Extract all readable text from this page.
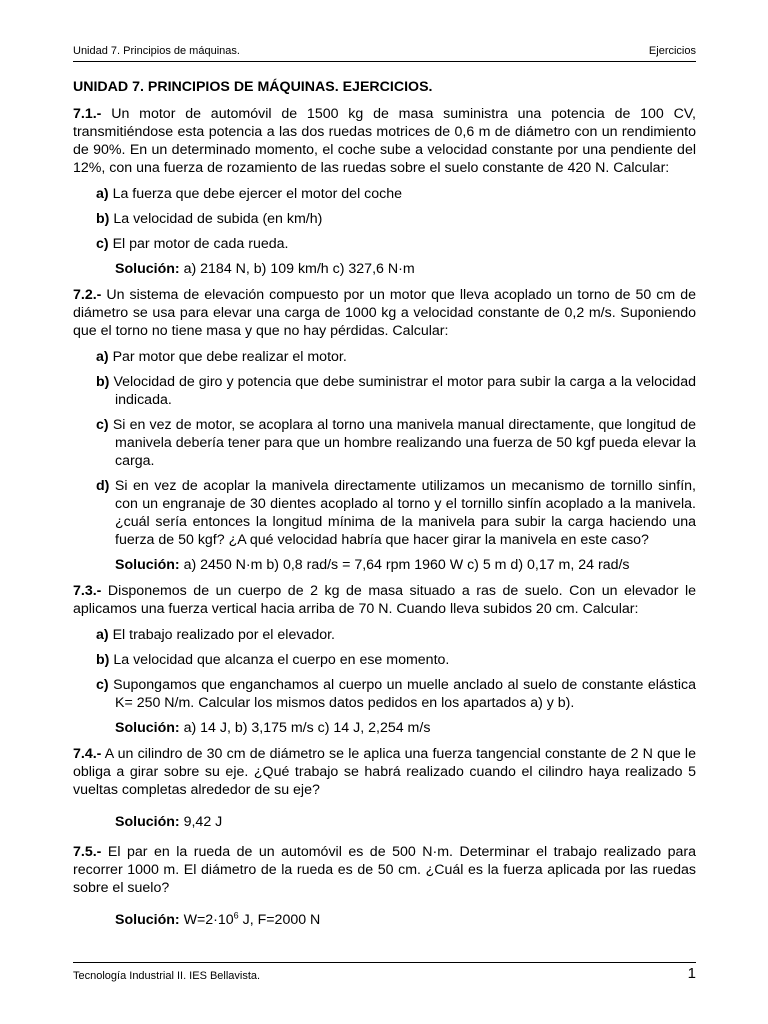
Unidad 7. Principios de máquinas.	Ejercicios
UNIDAD 7. PRINCIPIOS DE MÁQUINAS. EJERCICIOS.
7.1.- Un motor de automóvil de 1500 kg de masa suministra una potencia de 100 CV, transmitiéndose esta potencia a las dos ruedas motrices de 0,6 m de diámetro con un rendimiento de 90%. En un determinado momento, el coche sube a velocidad constante por una pendiente del 12%, con una fuerza de rozamiento de las ruedas sobre el suelo constante de 420 N. Calcular:
a) La fuerza que debe ejercer el motor del coche
b) La velocidad de subida (en km/h)
c) El par motor de cada rueda.
Solución: a) 2184 N, b) 109 km/h c) 327,6 N·m
7.2.- Un sistema de elevación compuesto por un motor que lleva acoplado un torno de 50 cm de diámetro se usa para elevar una carga de 1000 kg a velocidad constante de 0,2 m/s. Suponiendo que el torno no tiene masa y que no hay pérdidas. Calcular:
a) Par motor que debe realizar el motor.
b) Velocidad de giro y potencia que debe suministrar el motor para subir la carga a la velocidad indicada.
c) Si en vez de motor, se acoplara al torno una manivela manual directamente, que longitud de manivela debería tener para que un hombre realizando una fuerza de 50 kgf pueda elevar la carga.
d) Si en vez de acoplar la manivela directamente utilizamos un mecanismo de tornillo sinfín, con un engranaje de 30 dientes acoplado al torno y el tornillo sinfín acoplado a la manivela. ¿cuál sería entonces la longitud mínima de la manivela para subir la carga haciendo una fuerza de 50 kgf? ¿A qué velocidad habría que hacer girar la manivela en este caso?
Solución: a) 2450 N·m b) 0,8 rad/s = 7,64 rpm 1960 W c) 5 m d) 0,17 m, 24 rad/s
7.3.- Disponemos de un cuerpo de 2 kg de masa situado a ras de suelo. Con un elevador le aplicamos una fuerza vertical hacia arriba de 70 N. Cuando lleva subidos 20 cm. Calcular:
a) El trabajo realizado por el elevador.
b) La velocidad que alcanza el cuerpo en ese momento.
c) Supongamos que enganchamos al cuerpo un muelle anclado al suelo de constante elástica K= 250 N/m. Calcular los mismos datos pedidos en los apartados a) y b).
Solución: a) 14 J, b) 3,175 m/s c) 14 J, 2,254 m/s
7.4.- A un cilindro de 30 cm de diámetro se le aplica una fuerza tangencial constante de 2 N que le obliga a girar sobre su eje. ¿Qué trabajo se habrá realizado cuando el cilindro haya realizado 5 vueltas completas alrededor de su eje?
Solución: 9,42 J
7.5.- El par en la rueda de un automóvil es de 500 N·m. Determinar el trabajo realizado para recorrer 1000 m. El diámetro de la rueda es de 50 cm. ¿Cuál es la fuerza aplicada por las ruedas sobre el suelo?
Solución: $W=2\cdot 10^6$ J, F=2000 N
Tecnología Industrial II. IES Bellavista.	1
